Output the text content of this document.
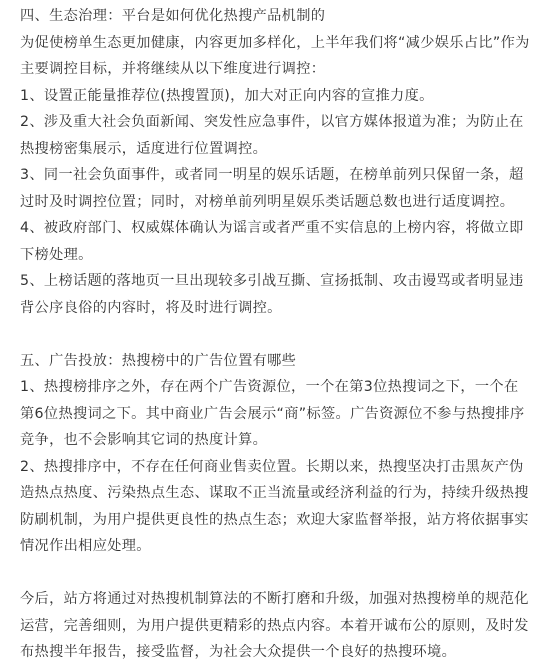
四、生态治理：平台是如何优化热搜产品机制的

为促使榜单生态更加健康，内容更加多样化，上半年我们将“减少娱乐占比”作为主要调控目标，并将继续从以下维度进行调控：

1、设置正能量推荐位(热搜置顶)，加大对正向内容的宣推力度。

2、涉及重大社会负面新闻、突发性应急事件，以官方媒体报道为准；为防止在热搜榜密集展示，适度进行位置调控。

3、同一社会负面事件，或者同一明星的娱乐话题，在榜单前列只保留一条，超过时及时调控位置；同时，对榜单前列明星娱乐类话题总数也进行适度调控。

4、被政府部门、权威媒体确认为谣言或者严重不实信息的上榜内容，将做立即下榜处理。

5、上榜话题的落地页一旦出现较多引战互撕、宣扬抵制、攻击谩骂或者明显违背公序良俗的内容时，将及时进行调控。

五、广告投放：热搜榜中的广告位置有哪些

1、热搜榜排序之外，存在两个广告资源位，一个在第3位热搜词之下，一个在第6位热搜词之下。其中商业广告会展示“商”标签。广告资源位不参与热搜排序竞争，也不会影响其它词的热度计算。

2、热搜排序中，不存在任何商业售卖位置。长期以来，热搜坚决打击黑灰产伪造热点热度、污染热点生态、谋取不正当流量或经济利益的行为，持续升级热搜防刷机制，为用户提供更良性的热点生态；欢迎大家监督举报，站方将依据事实情况作出相应处理。

今后，站方将通过对热搜机制算法的不断打磨和升级，加强对热搜榜单的规范化运营，完善细则，为用户提供更精彩的热点内容。本着开诚布公的原则，及时发布热搜半年报告，接受监督，为社会大众提供一个良好的热搜环境。
